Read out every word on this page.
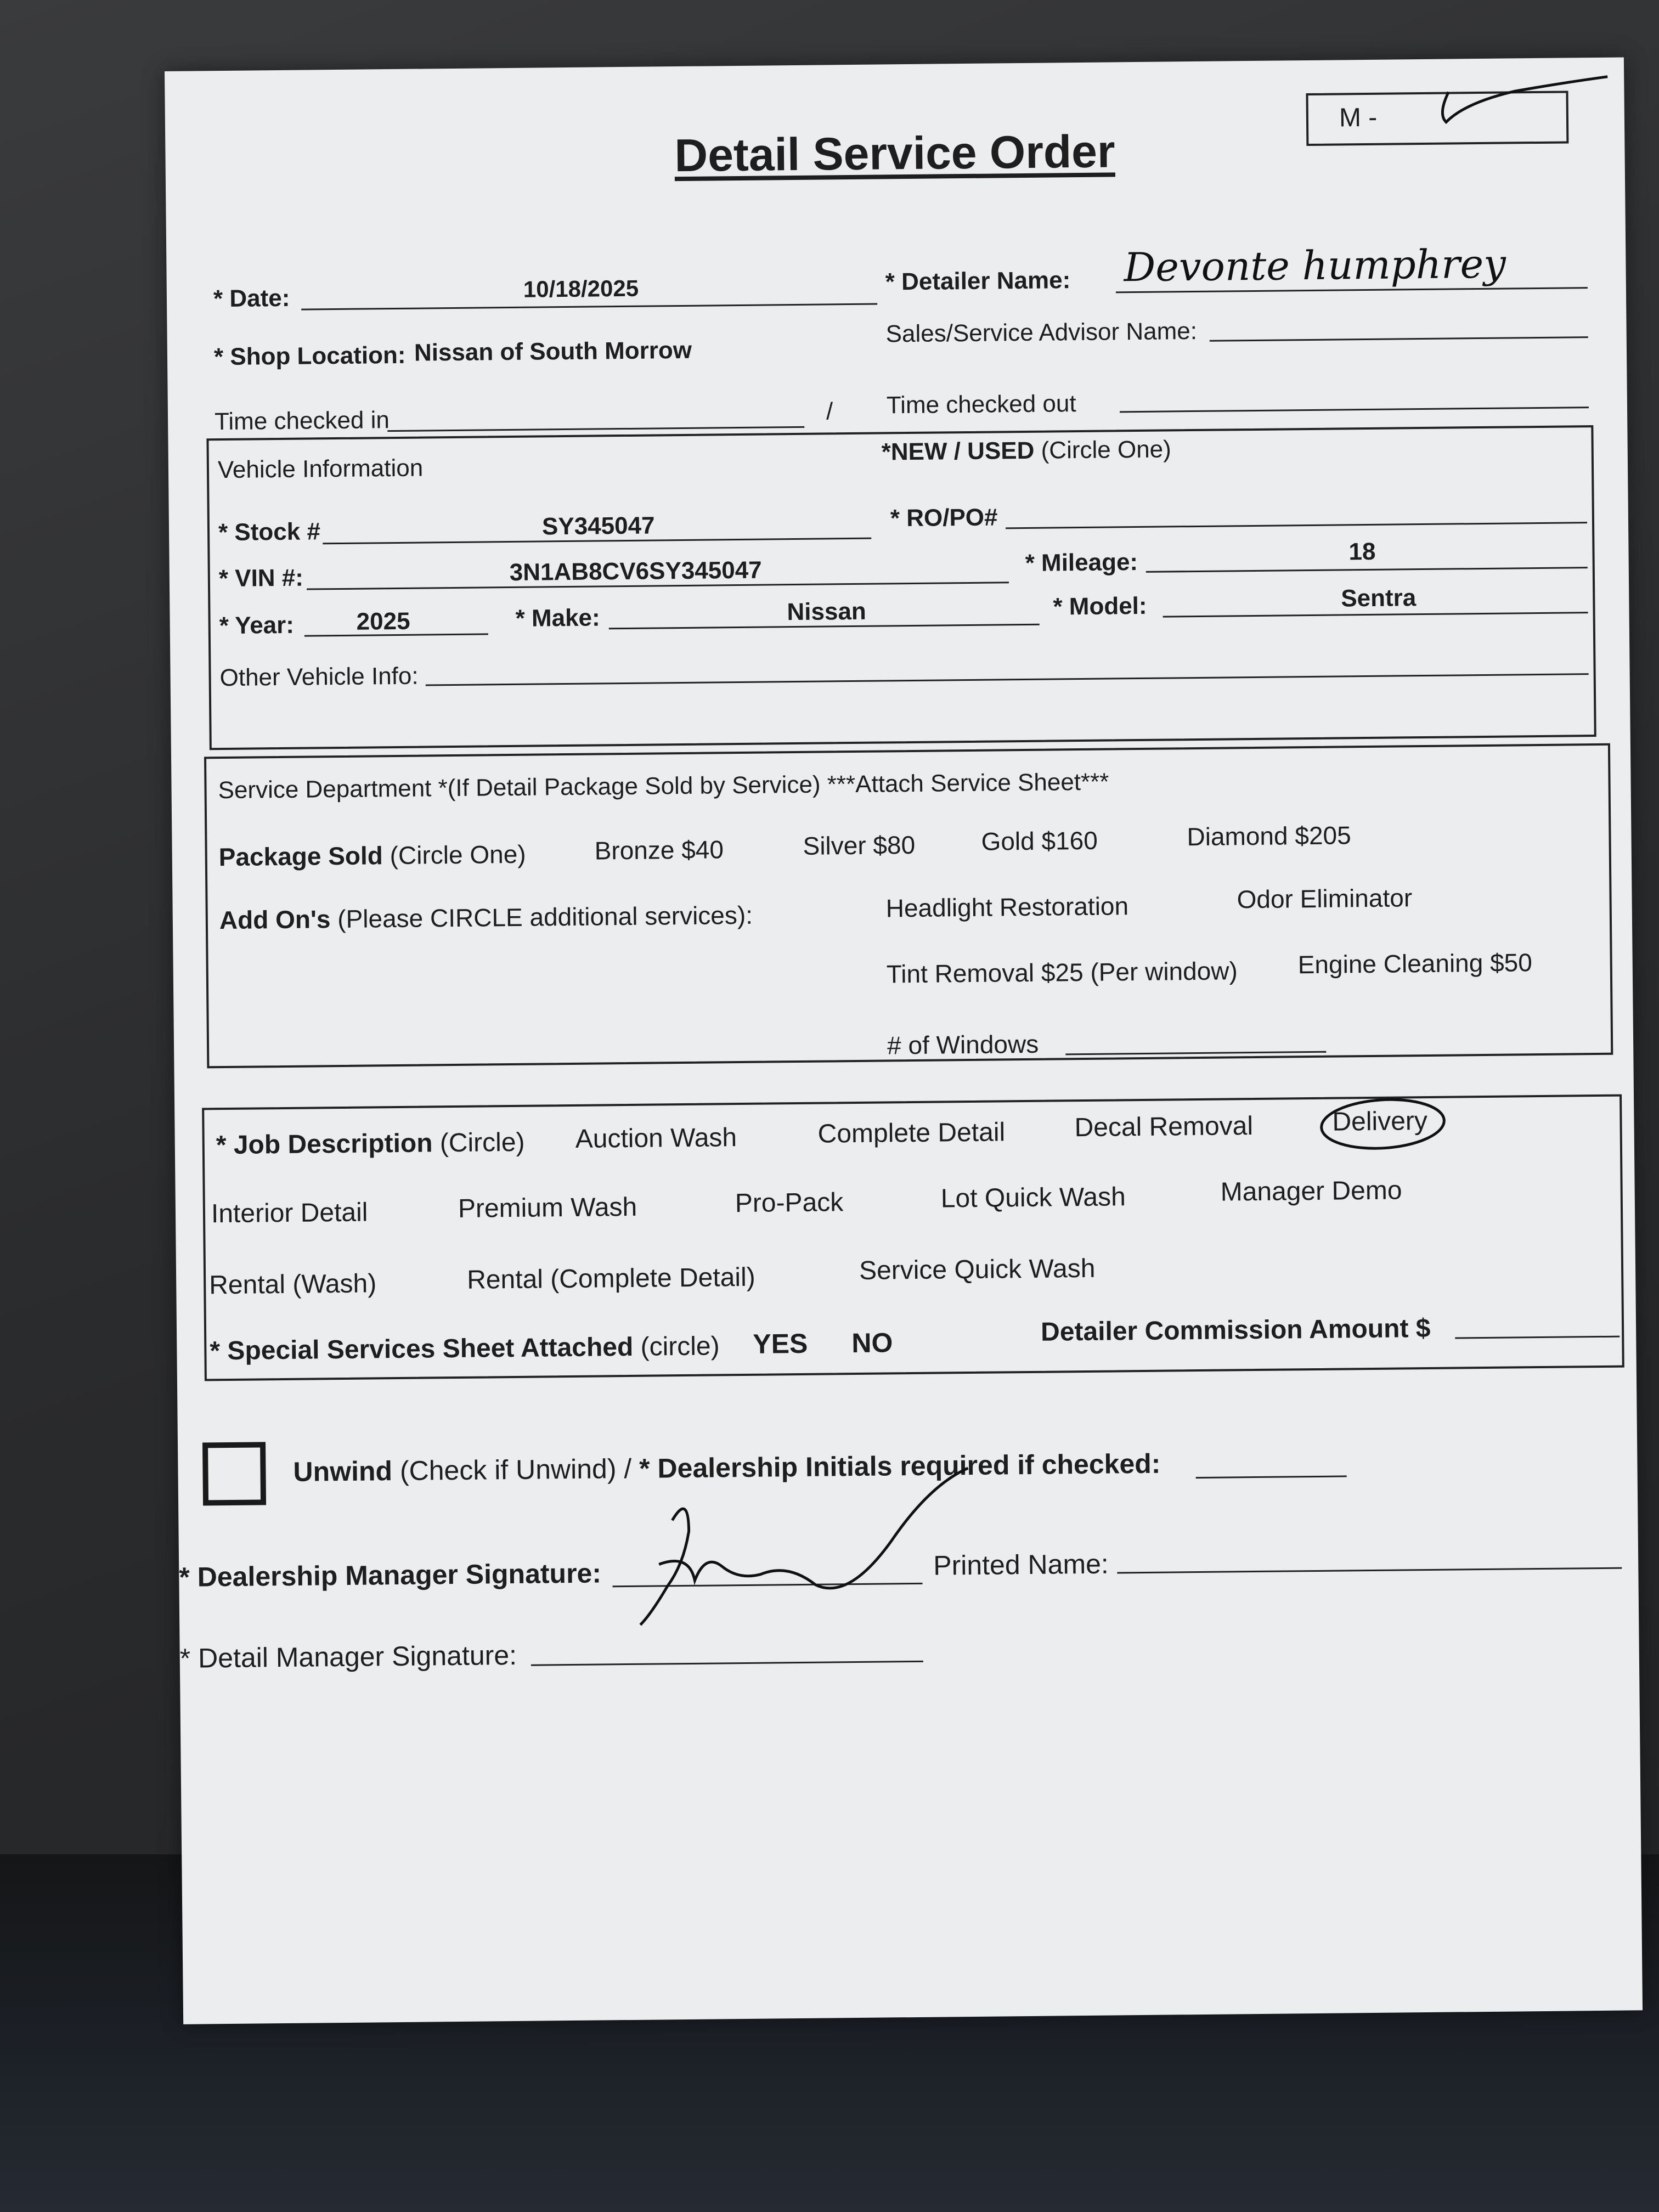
Detail Service Order
M -
* Date:	10/18/2025	* Detailer Name: Devonte humphrey
* Shop Location: Nissan of South Morrow
Sales/Service Advisor Name:
Time checked in	/ Time checked out
Vehicle Information
*NEW / USED (Circle One)
* Stock #	SY345047	* RO/PO#
* VIN #:	3N1AB8CV6SY345047	* Mileage:	18
* Year:	2025	* Make:	Nissan	* Model:	Sentra
Other Vehicle Info:
Service Department *(If Detail Package Sold by Service) ***Attach Service Sheet***
Package Sold (Circle One)	Bronze $40	Silver $80	Gold $160	Diamond $205
Add On's (Please CIRCLE additional services):	Headlight Restoration	Odor Eliminator
Tint Removal $25 (Per window) Engine Cleaning $50
# of Windows
* Job Description (Circle) Auction Wash	Complete Detail	Decal Removal	Delivery
Interior Detail	Premium Wash	Pro-Pack	Lot Quick Wash	Manager Demo
Rental (Wash)	Rental (Complete Detail)	Service Quick Wash
* Special Services Sheet Attached (circle) YES NO	Detailer Commission Amount $
Unwind (Check if Unwind) / * Dealership Initials required if checked:
* Dealership Manager Signature:	Printed Name:
* Detail Manager Signature:
